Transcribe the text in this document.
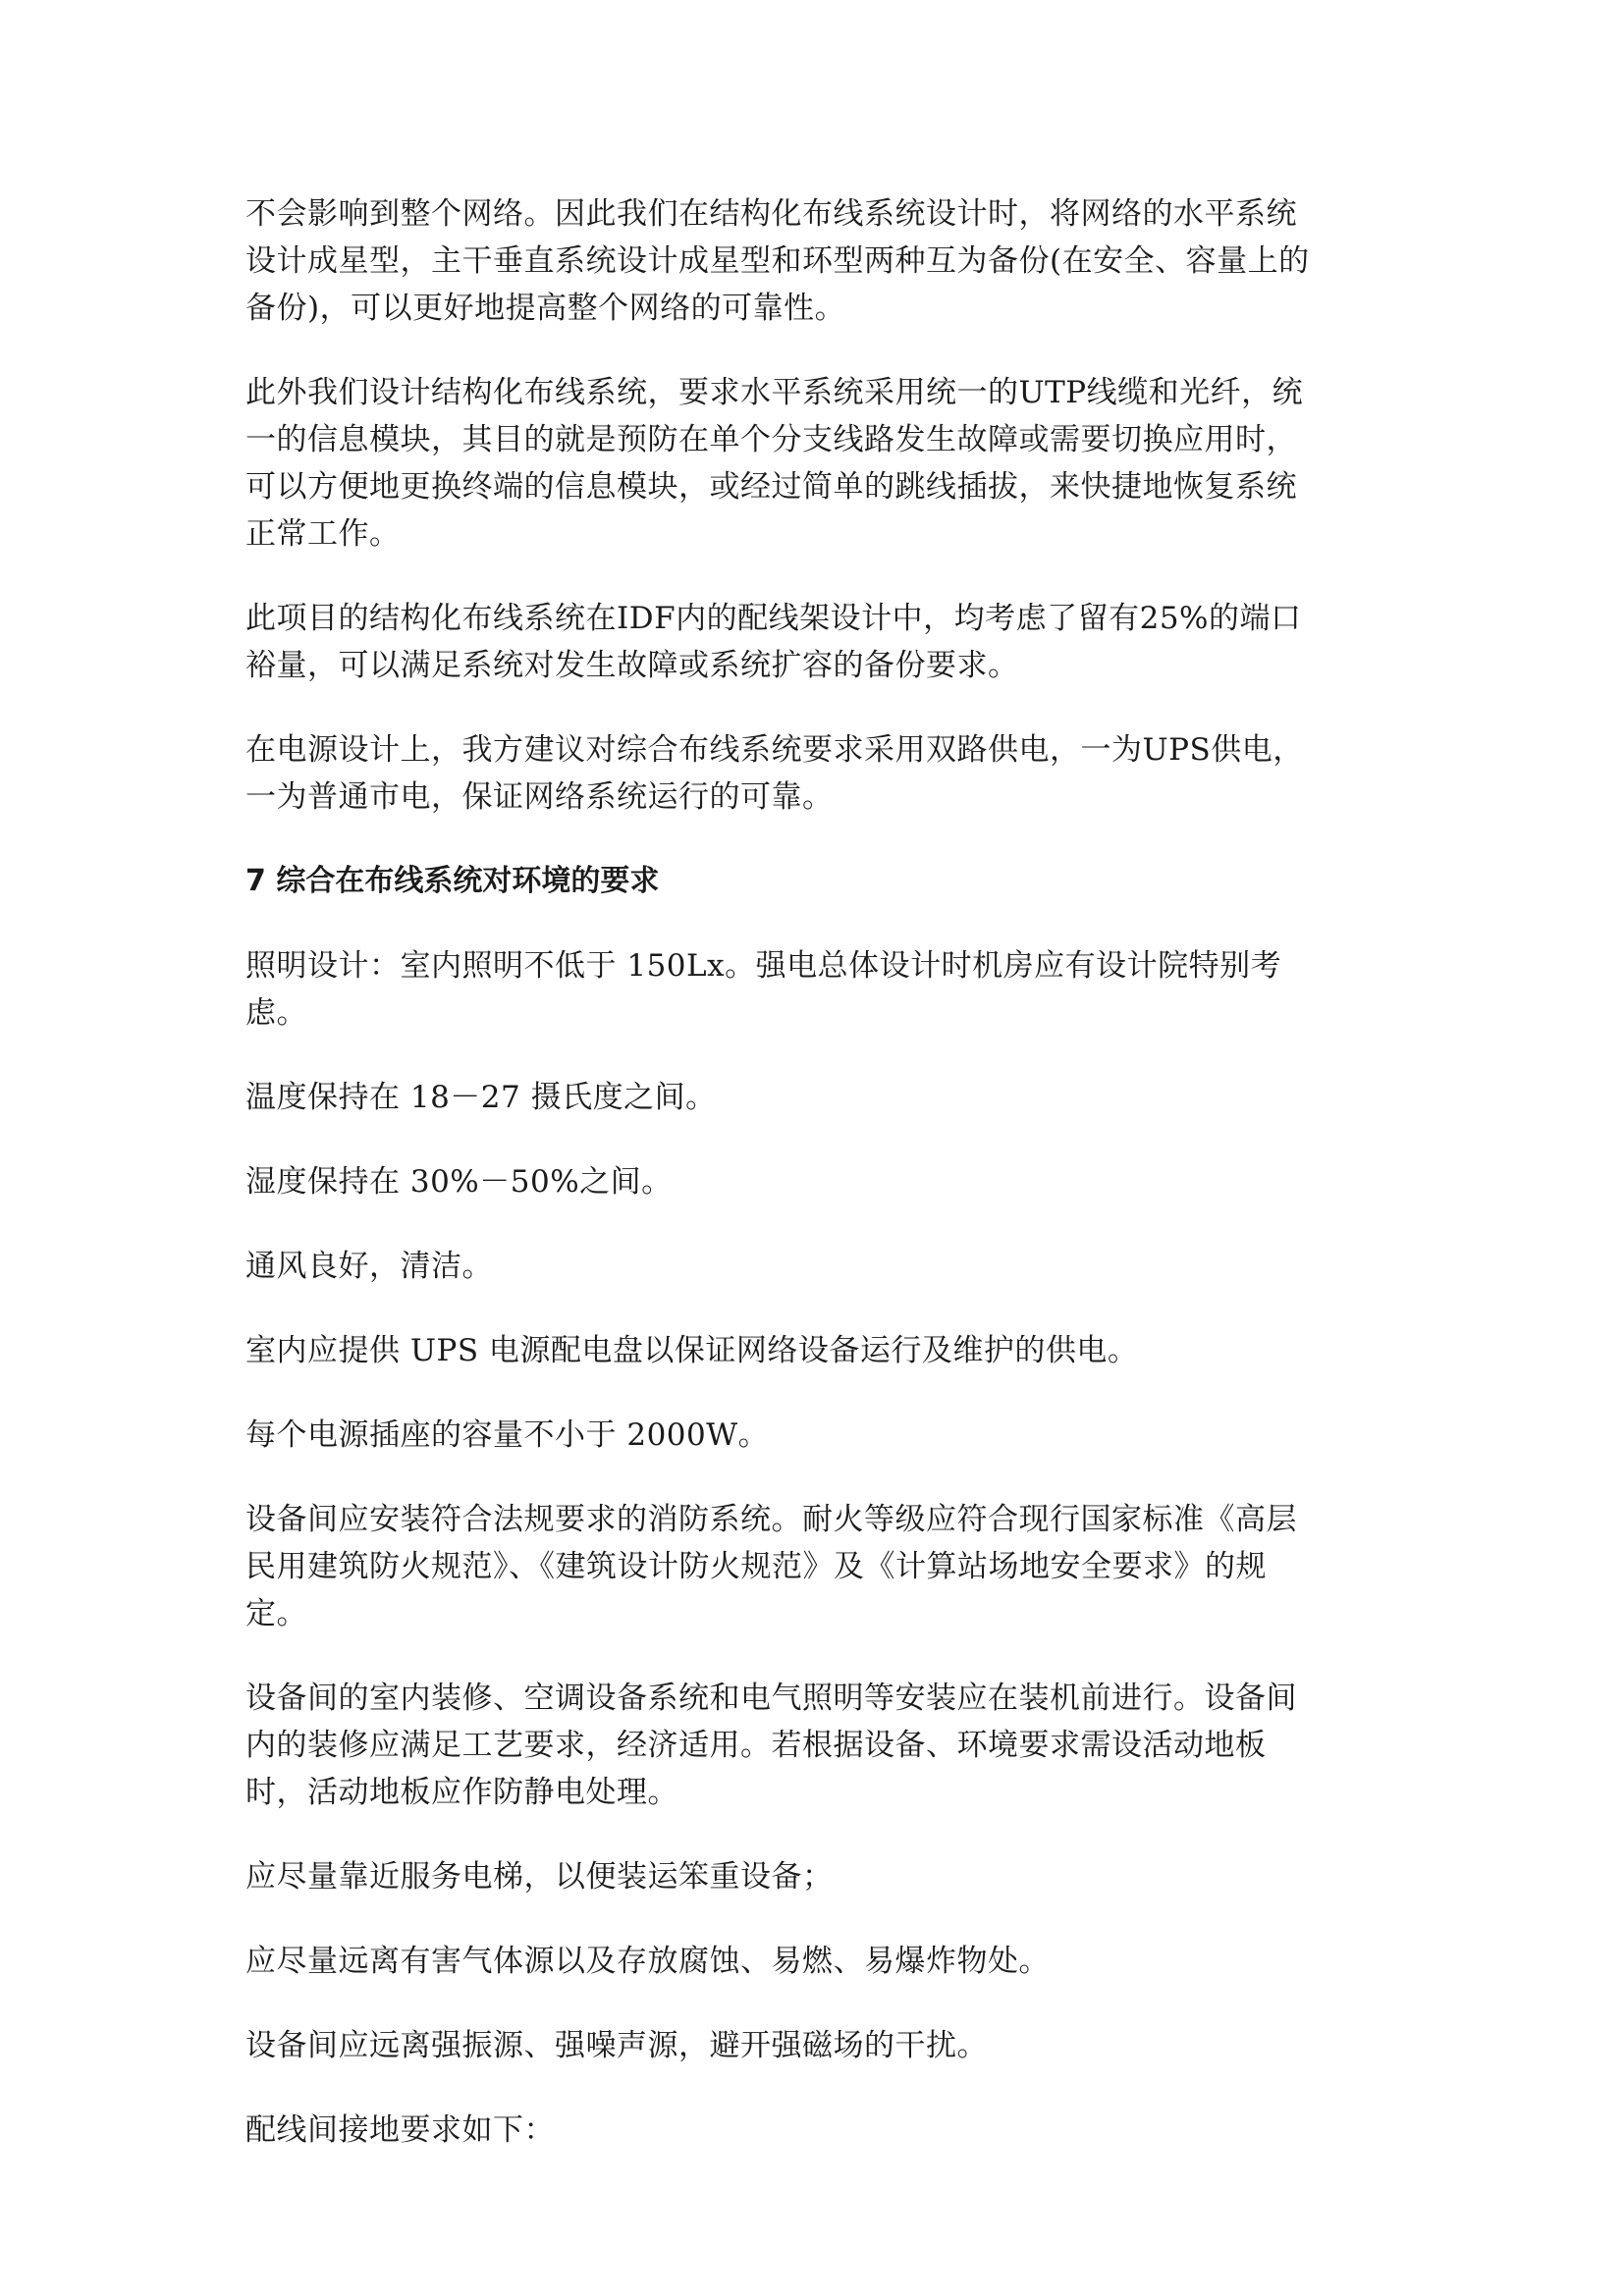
不会影响到整个网络。因此我们在结构化布线系统设计时，将网络的水平系统
设计成星型，主干垂直系统设计成星型和环型两种互为备份(在安全、容量上的
备份)，可以更好地提高整个网络的可靠性。

此外我们设计结构化布线系统，要求水平系统采用统一的UTP线缆和光纤，统
一的信息模块，其目的就是预防在单个分支线路发生故障或需要切换应用时，
可以方便地更换终端的信息模块，或经过简单的跳线插拔，来快捷地恢复系统
正常工作。

此项目的结构化布线系统在IDF内的配线架设计中，均考虑了留有25%的端口
裕量，可以满足系统对发生故障或系统扩容的备份要求。

在电源设计上，我方建议对综合布线系统要求采用双路供电，一为UPS供电，
一为普通市电，保证网络系统运行的可靠。

7 综合在布线系统对环境的要求

照明设计：室内照明不低于 150Lx。强电总体设计时机房应有设计院特别考
虑。

温度保持在 18－27 摄氏度之间。

湿度保持在 30%－50%之间。

通风良好，清洁。

室内应提供 UPS 电源配电盘以保证网络设备运行及维护的供电。

每个电源插座的容量不小于 2000W。

设备间应安装符合法规要求的消防系统。耐火等级应符合现行国家标准《高层
民用建筑防火规范》、《建筑设计防火规范》及《计算站场地安全要求》的规
定。

设备间的室内装修、空调设备系统和电气照明等安装应在装机前进行。设备间
内的装修应满足工艺要求，经济适用。若根据设备、环境要求需设活动地板
时，活动地板应作防静电处理。

应尽量靠近服务电梯，以便装运笨重设备；

应尽量远离有害气体源以及存放腐蚀、易燃、易爆炸物处。

设备间应远离强振源、强噪声源，避开强磁场的干扰。

配线间接地要求如下：
